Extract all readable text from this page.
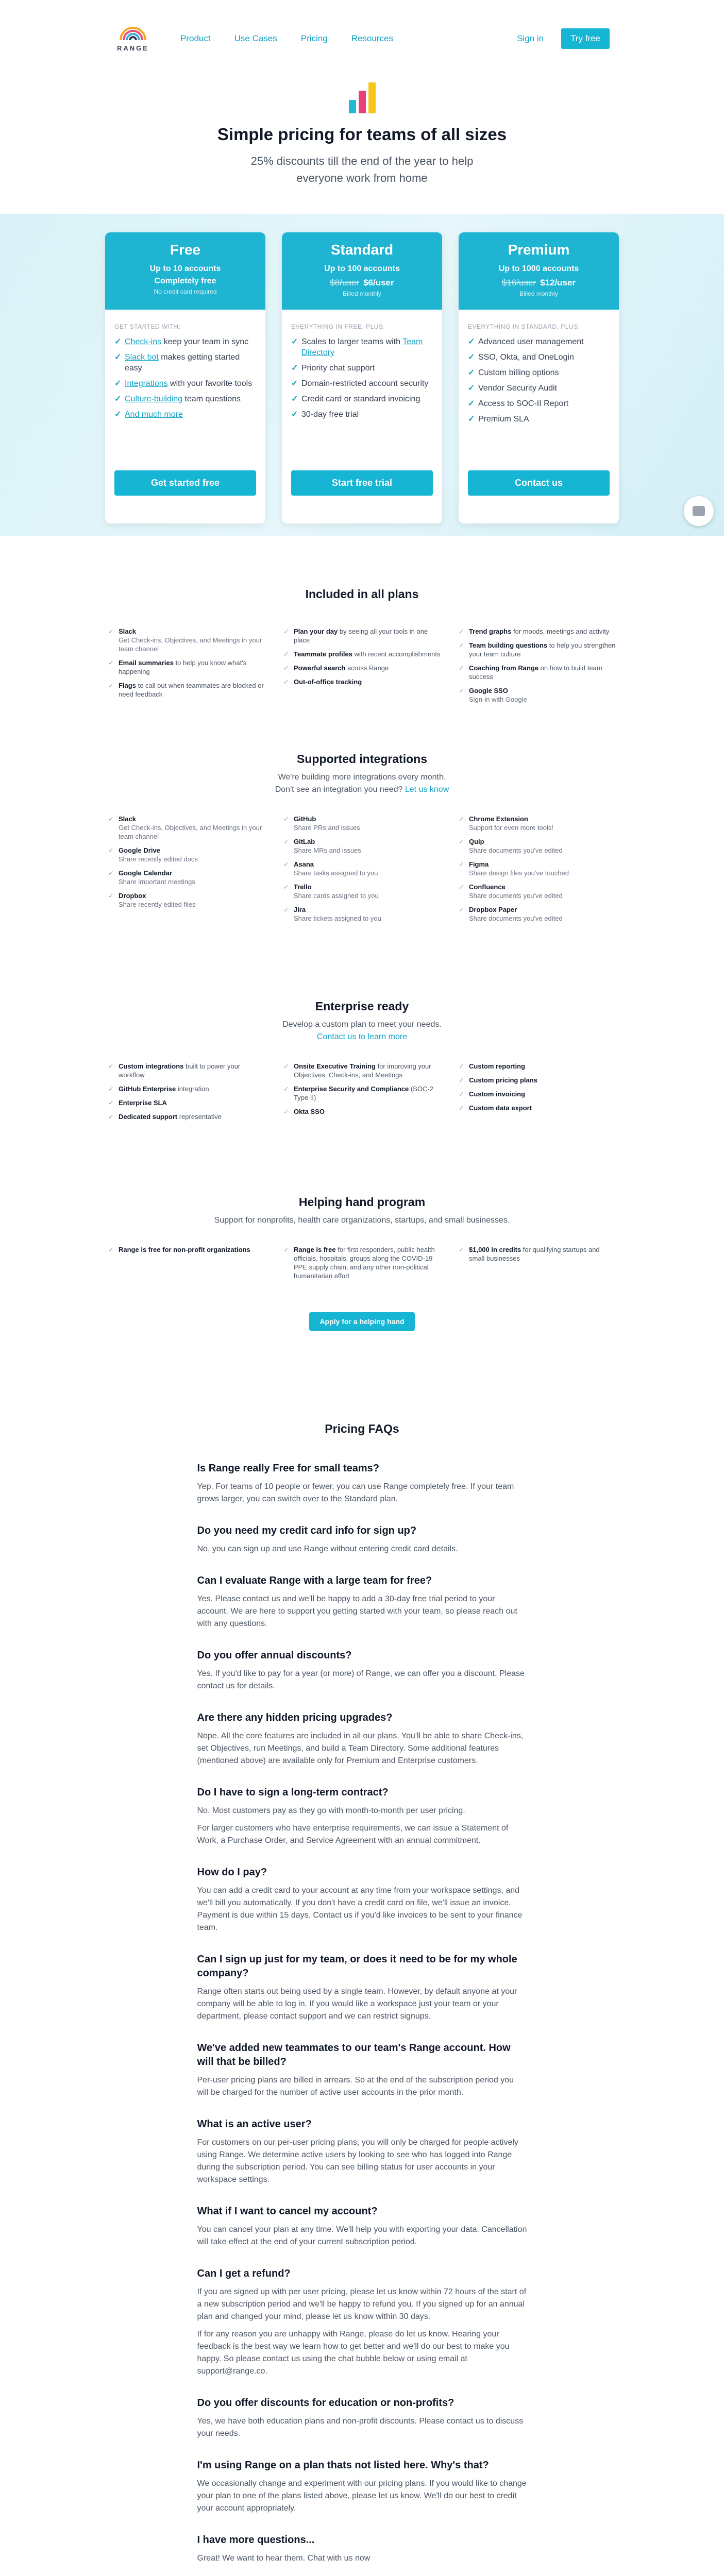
RANGE
Product	Use Cases	Pricing	Resources	Sign in	Try free
Simple pricing for teams of all sizes

25% discounts till the end of the year to help
everyone work from home

Free
Up to 10 accounts
Completely free
No credit card required
GET STARTED WITH:
✓ Check-ins keep your team in sync
✓ Slack bot makes getting started easy
✓ Integrations with your favorite tools
✓ Culture-building team questions
✓ And much more
Get started free
Standard
Up to 100 accounts
$8/user $6/user
Billed monthly
EVERYTHING IN FREE, PLUS:
✓ Scales to larger teams with Team Directory
✓ Priority chat support
✓ Domain-restricted account security
✓ Credit card or standard invoicing
✓ 30-day free trial
Start free trial
Premium
Up to 1000 accounts
$16/user $12/user
Billed monthly
EVERYTHING IN STANDARD, PLUS:
✓ Advanced user management
✓ SSO, Okta, and OneLogin
✓ Custom billing options
✓ Vendor Security Audit
✓ Access to SOC-II Report
✓ Premium SLA
Contact us
Included in all plans
✓ Slack
Get Check-ins, Objectives, and Meetings in your team channel
✓ Email summaries to help you know what's happening
✓ Flags to call out when teammates are blocked or need feedback
✓ Plan your day by seeing all your tools in one place
✓ Teammate profiles with recent accomplishments
✓ Powerful search across Range
✓ Out-of-office tracking
✓ Trend graphs for moods, meetings and activity
✓ Team building questions to help you strengthen your team culture
✓ Coaching from Range on how to build team success
✓ Google SSO
Sign-in with Google
Supported integrations
We're building more integrations every month.
Don't see an integration you need? Let us know
✓ Slack
Get Check-ins, Objectives, and Meetings in your team channel
✓ Google Drive
Share recently edited docs
✓ Google Calendar
Share important meetings
✓ Dropbox
Share recently edited files
✓ GitHub
Share PRs and issues
✓ GitLab
Share MRs and issues
✓ Asana
Share tasks assigned to you
✓ Trello
Share cards assigned to you
✓ Jira
Share tickets assigned to you
✓ Chrome Extension
Support for even more tools!
✓ Quip
Share documents you've edited
✓ Figma
Share design files you've touched
✓ Confluence
Share documents you've edited
✓ Dropbox Paper
Share documents you've edited
Enterprise ready
Develop a custom plan to meet your needs.
Contact us to learn more
✓ Custom integrations built to power your workflow
✓ GitHub Enterprise integration
✓ Enterprise SLA
✓ Dedicated support representative
✓ Onsite Executive Training for improving your Objectives, Check-ins, and Meetings
✓ Enterprise Security and Compliance (SOC-2 Type II)
✓ Okta SSO
✓ Custom reporting
✓ Custom pricing plans
✓ Custom invoicing
✓ Custom data export
Helping hand program
Support for nonprofits, health care organizations, startups, and small businesses.
✓ Range is free for non-profit organizations	✓ Range is free for first responders, public health officials, hospitals, groups along the COVID-19 PPE supply chain, and any other non-political humanitarian effort
✓ $1,000 in credits for qualifying startups and small businesses
Apply for a helping hand
Pricing FAQs
Is Range really Free for small teams?

Yep. For teams of 10 people or fewer, you can use Range completely free. If your team grows larger, you can switch over to the Standard plan.

Do you need my credit card info for sign up?

No, you can sign up and use Range without entering credit card details.

Can I evaluate Range with a large team for free?

Yes. Please contact us and we'll be happy to add a 30-day free trial period to your account. We are here to support you getting started with your team, so please reach out with any questions.

Do you offer annual discounts?

Yes. If you'd like to pay for a year (or more) of Range, we can offer you a discount. Please contact us for details.

Are there any hidden pricing upgrades?

Nope. All the core features are included in all our plans. You'll be able to share Check-ins, set Objectives, run Meetings, and build a Team Directory. Some additional features (mentioned above) are available only for Premium and Enterprise customers.

Do I have to sign a long-term contract?

No. Most customers pay as they go with month-to-month per user pricing.

For larger customers who have enterprise requirements, we can issue a Statement of Work, a Purchase Order, and Service Agreement with an annual commitment.

How do I pay?

You can add a credit card to your account at any time from your workspace settings, and we'll bill you automatically. If you don't have a credit card on file, we'll issue an invoice. Payment is due within 15 days. Contact us if you'd like invoices to be sent to your finance team.

Can I sign up just for my team, or does it need to be for my whole company?

Range often starts out being used by a single team. However, by default anyone at your company will be able to log in. If you would like a workspace just your team or your department, please contact support and we can restrict signups.

We've added new teammates to our team's Range account. How will that be billed?

Per-user pricing plans are billed in arrears. So at the end of the subscription period you will be charged for the number of active user accounts in the prior month.

What is an active user?

For customers on our per-user pricing plans, you will only be charged for people actively using Range. We determine active users by looking to see who has logged into Range during the subscription period. You can see billing status for user accounts in your workspace settings.

What if I want to cancel my account?

You can cancel your plan at any time. We'll help you with exporting your data. Cancellation will take effect at the end of your current subscription period.

Can I get a refund?

If you are signed up with per user pricing, please let us know within 72 hours of the start of a new subscription period and we'll be happy to refund you. If you signed up for an annual plan and changed your mind, please let us know within 30 days.

If for any reason you are unhappy with Range, please do let us know. Hearing your feedback is the best way we learn how to get better and we'll do our best to make you happy. So please contact us using the chat bubble below or using email at support@range.co.

Do you offer discounts for education or non-profits?

Yes, we have both education plans and non-profit discounts. Please contact us to discuss your needs.

I'm using Range on a plan thats not listed here. Why's that?

We occasionally change and experiment with our pricing plans. If you would like to change your plan to one of the plans listed above, please let us know. We'll do our best to credit your account appropriately.

I have more questions...

Great! We want to hear them. Chat with us now
